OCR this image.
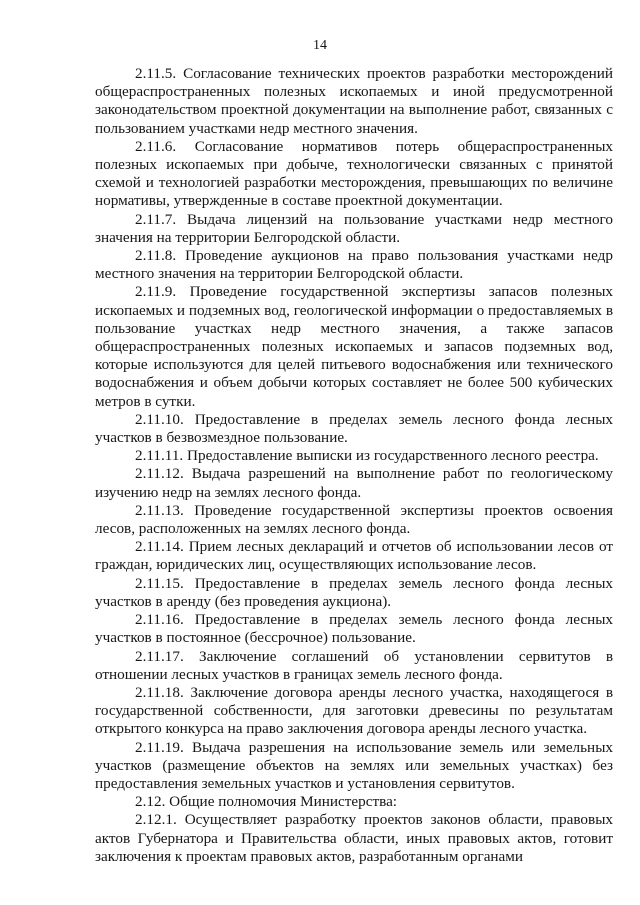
14

2.11.5. Согласование технических проектов разработки месторождений общераспространенных полезных ископаемых и иной предусмотренной законодательством проектной документации на выполнение работ, связанных с пользованием участками недр местного значения.

2.11.6. Согласование нормативов потерь общераспространенных полезных ископаемых при добыче, технологически связанных с принятой схемой и технологией разработки месторождения, превышающих по величине нормативы, утвержденные в составе проектной документации.

2.11.7. Выдача лицензий на пользование участками недр местного значения на территории Белгородской области.

2.11.8. Проведение аукционов на право пользования участками недр местного значения на территории Белгородской области.

2.11.9. Проведение государственной экспертизы запасов полезных ископаемых и подземных вод, геологической информации о предоставляемых в пользование участках недр местного значения, а также запасов общераспространенных полезных ископаемых и запасов подземных вод, которые используются для целей питьевого водоснабжения или технического водоснабжения и объем добычи которых составляет не более 500 кубических метров в сутки.

2.11.10. Предоставление в пределах земель лесного фонда лесных участков в безвозмездное пользование.

2.11.11. Предоставление выписки из государственного лесного реестра.

2.11.12. Выдача разрешений на выполнение работ по геологическому изучению недр на землях лесного фонда.

2.11.13. Проведение государственной экспертизы проектов освоения лесов, расположенных на землях лесного фонда.

2.11.14. Прием лесных деклараций и отчетов об использовании лесов от граждан, юридических лиц, осуществляющих использование лесов.

2.11.15. Предоставление в пределах земель лесного фонда лесных участков в аренду (без проведения аукциона).

2.11.16. Предоставление в пределах земель лесного фонда лесных участков в постоянное (бессрочное) пользование.

2.11.17. Заключение соглашений об установлении сервитутов в отношении лесных участков в границах земель лесного фонда.

2.11.18. Заключение договора аренды лесного участка, находящегося в государственной собственности, для заготовки древесины по результатам открытого конкурса на право заключения договора аренды лесного участка.

2.11.19. Выдача разрешения на использование земель или земельных участков (размещение объектов на землях или земельных участках) без предоставления земельных участков и установления сервитутов.

2.12. Общие полномочия Министерства:

2.12.1. Осуществляет разработку проектов законов области, правовых актов Губернатора и Правительства области, иных правовых актов, готовит заключения к проектам правовых актов, разработанным органами
